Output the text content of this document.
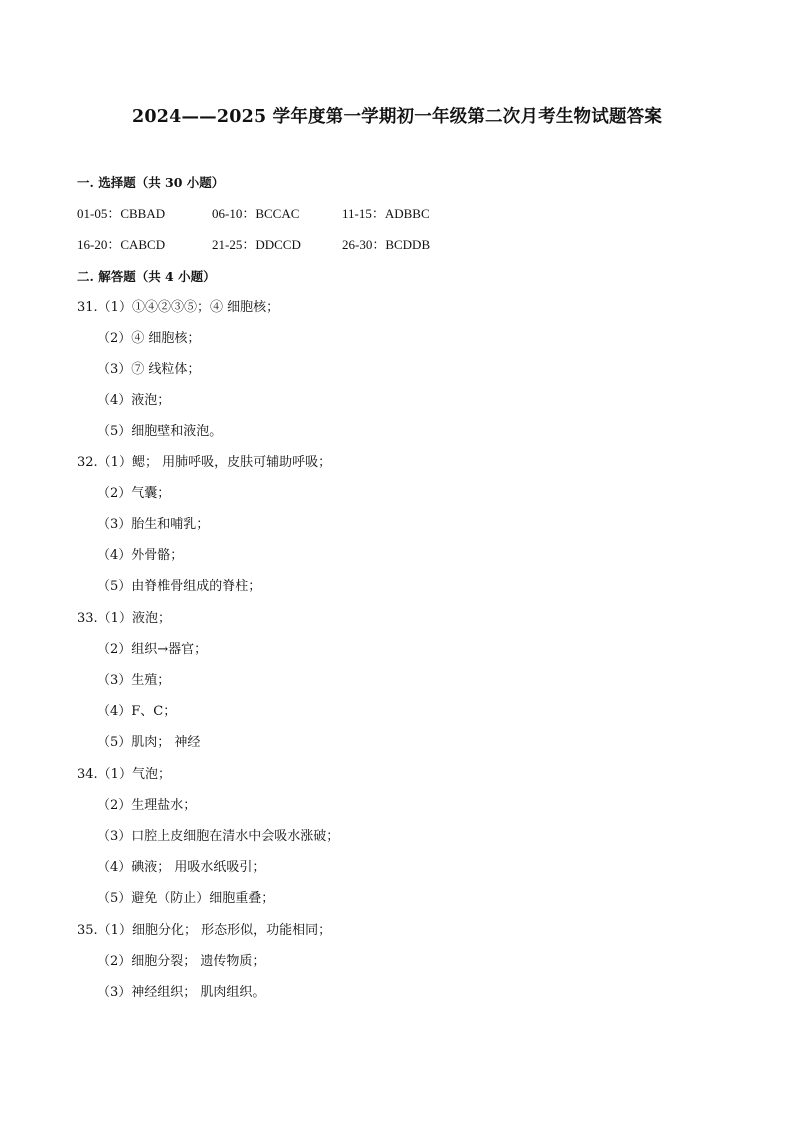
2024——2025 学年度第一学期初一年级第二次月考生物试题答案
一. 选择题（共 30 小题）
01-05：CBBAD	06-10：BCCAC	11-15：ADBBC
16-20：CABCD	21-25：DDCCD	26-30：BCDDB
二. 解答题（共 4 小题）
31.（1）①④②③⑤；④ 细胞核；
（2）④ 细胞核；
（3）⑦ 线粒体；
（4）液泡；
（5）细胞壁和液泡。
32.（1）鳃； 用肺呼吸，皮肤可辅助呼吸；
（2）气囊；
（3）胎生和哺乳；
（4）外骨骼；
（5）由脊椎骨组成的脊柱；
33.（1）液泡；
（2）组织→器官；
（3）生殖；
（4）F、C；
（5）肌肉； 神经
34.（1）气泡；
（2）生理盐水；
（3）口腔上皮细胞在清水中会吸水涨破；
（4）碘液； 用吸水纸吸引；
（5）避免（防止）细胞重叠；
35.（1）细胞分化； 形态形似，功能相同；
（2）细胞分裂； 遗传物质；
（3）神经组织； 肌肉组织。
